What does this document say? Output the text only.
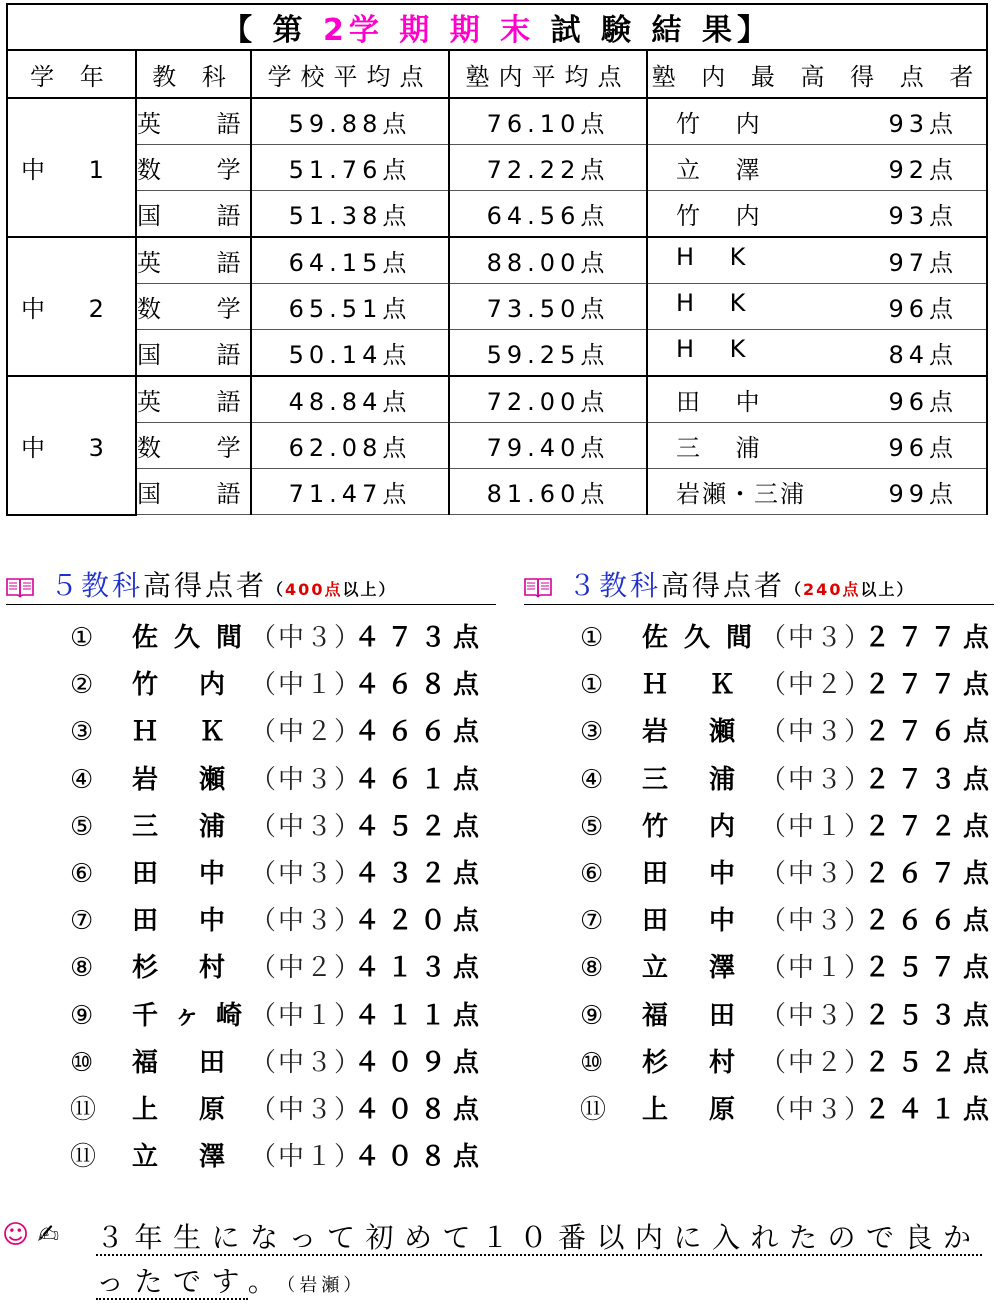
【 第 2学 期 期 末 試 験 結 果】				
学 年	教 科	学校平均点	塾内平均点	塾 内 最 高 得 点 者
中 1	英 語	59.88点	76.10点	竹 内 93点

	数 学	51.76点	72.22点	立 澤 92点

	国 語	51.38点	64.56点	竹 内 93点

中 2	英 語	64.15点	88.00点	H K 97点

	数 学	65.51点	73.50点	H K 96点

	国 語	50.14点	59.25点	H K 84点

中 3	英 語	48.84点	72.00点	田 中 96点

	数 学	62.08点	79.40点	三 浦 96点

	国 語	71.47点	81.60点	岩瀬・三浦 99点
５教科高得点者（400点以上）
① 佐久間（中３）４７３点
② 竹 内 （中１）４６８点
③ Ｈ Ｋ （中２）４６６点
④ 岩 瀬 （中３）４６１点
⑤ 三 浦 （中３）４５２点
⑥ 田 中 （中３）４３２点
⑦ 田 中 （中３）４２０点
⑧ 杉 村 （中２）４１３点
⑨ 千ヶ崎（中１）４１１点
⑩ 福 田 （中３）４０９点
⑪ 上 原 （中３）４０８点
⑪ 立 澤 （中１）４０８点
３教科高得点者（240点以上）
① 佐久間（中３）２７７点
① Ｈ Ｋ （中２）２７７点
③ 岩 瀬 （中３）２７６点
④ 三 浦 （中３）２７３点
⑤ 竹 内 （中１）２７２点
⑥ 田 中 （中３）２６７点
⑦ 田 中 （中３）２６６点
⑧ 立 澤 （中１）２５７点
⑨ 福 田 （中３）２５３点
⑩ 杉 村 （中２）２５２点
⑪ 上 原 （中３）２４１点
☺ ✍ ３年生になって初めて１０番以内に入れたので良かったです。（岩瀬）
